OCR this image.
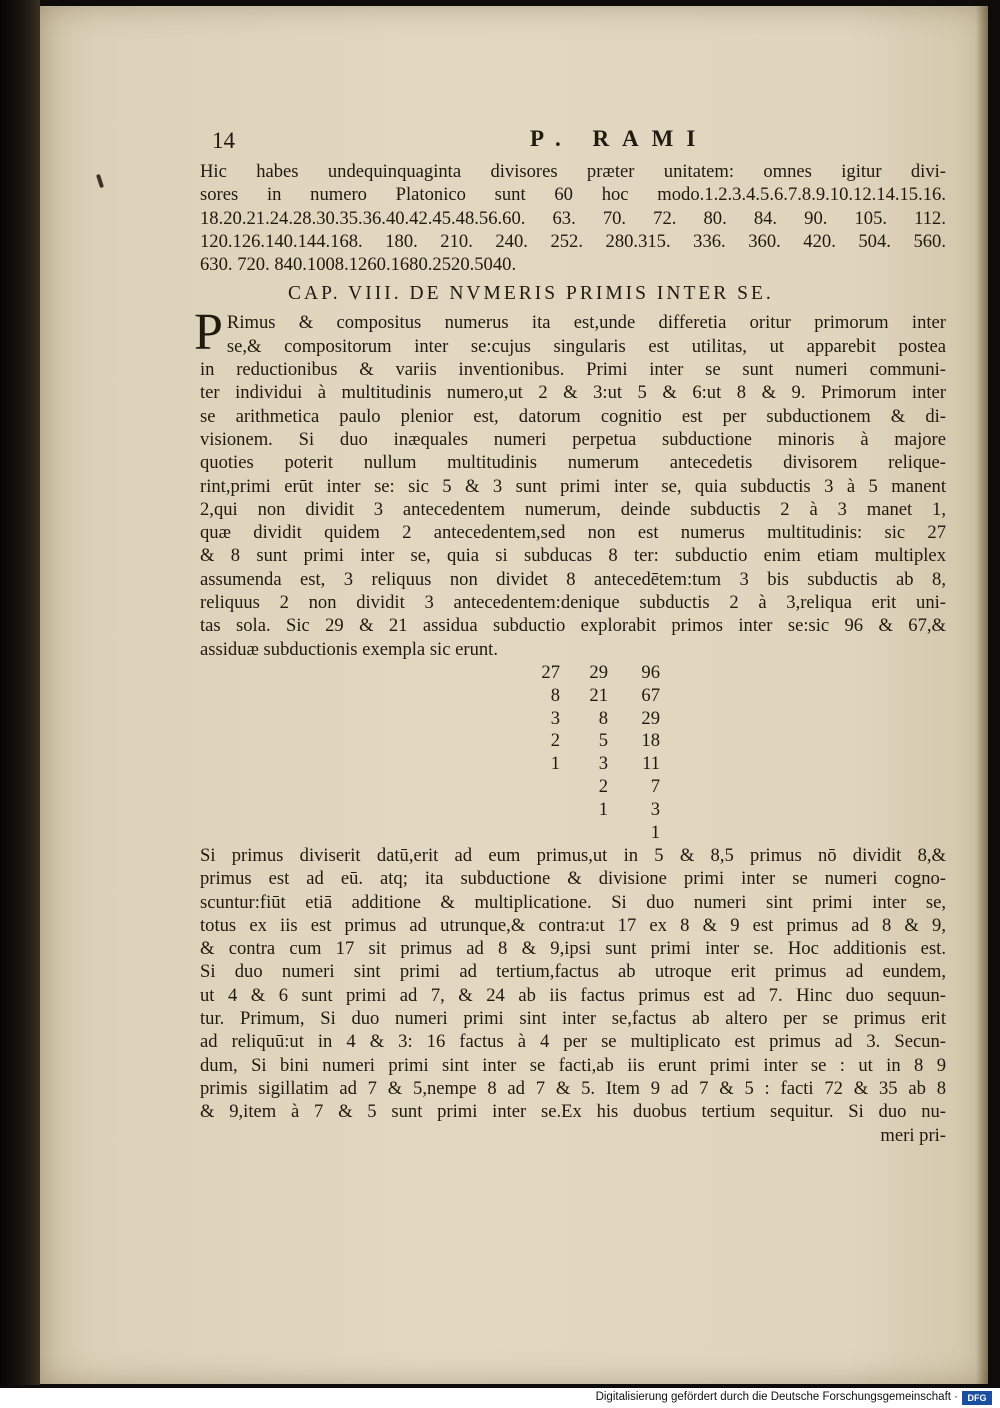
14	P. RAMI
Hic habes undequinquaginta divisores præter unitatem: omnes igitur divi-
sores in numero Platonico sunt 60 hoc modo.1.2.3.4.5.6.7.8.9.10.12.14.15.16.
18.20.21.24.28.30.35.36.40.42.45.48.56.60. 63. 70. 72. 80. 84. 90. 105. 112.
120.126.140.144.168. 180. 210. 240. 252. 280.315. 336. 360. 420. 504. 560.
630. 720. 840.1008.1260.1680.2520.5040.
CAP. VIII. DE NVMERIS PRIMIS INTER SE.
P Rimus & compositus numerus ita est,unde differetia oritur primorum inter
se,& compositorum inter se:cujus singularis est utilitas, ut apparebit postea
in reductionibus & variis inventionibus. Primi inter se sunt numeri communi-
ter individui à multitudinis numero,ut 2 & 3:ut 5 & 6:ut 8 & 9. Primorum inter
se arithmetica paulo plenior est, datorum cognitio est per subductionem & di-
visionem. Si duo inæquales numeri perpetua subductione minoris à majore
quoties poterit nullum multitudinis numerum antecedetis divisorem relique-
rint,primi erūt inter se: sic 5 & 3 sunt primi inter se, quia subductis 3 à 5 manent
2,qui non dividit 3 antecedentem numerum, deinde subductis 2 à 3 manet 1,
quæ dividit quidem 2 antecedentem,sed non est numerus multitudinis: sic 27
& 8 sunt primi inter se, quia si subducas 8 ter: subductio enim etiam multiplex
assumenda est, 3 reliquus non dividet 8 antecedētem:tum 3 bis subductis ab 8,
reliquus 2 non dividit 3 antecedentem:denique subductis 2 à 3,reliqua erit uni-
tas sola. Sic 29 & 21 assidua subductio explorabit primos inter se:sic 96 & 67,&
assiduæ subductionis exempla sic erunt.
27
8
3
2
1
29
21
8
5
3
2
1
96
67
29
18
11
7
3
1
Si primus diviserit datū,erit ad eum primus,ut in 5 & 8,5 primus nō dividit 8,&
primus est ad eū. atq; ita subductione & divisione primi inter se numeri cogno-
scuntur:fiūt etiā additione & multiplicatione. Si duo numeri sint primi inter se,
totus ex iis est primus ad utrunque,& contra:ut 17 ex 8 & 9 est primus ad 8 & 9,
& contra cum 17 sit primus ad 8 & 9,ipsi sunt primi inter se. Hoc additionis est.
Si duo numeri sint primi ad tertium,factus ab utroque erit primus ad eundem,
ut 4 & 6 sunt primi ad 7, & 24 ab iis factus primus est ad 7. Hinc duo sequun-
tur. Primum, Si duo numeri primi sint inter se,factus ab altero per se primus erit
ad reliquū:ut in 4 & 3: 16 factus à 4 per se multiplicato est primus ad 3. Secun-
dum, Si bini numeri primi sint inter se facti,ab iis erunt primi inter se : ut in 8 9
primis sigillatim ad 7 & 5,nempe 8 ad 7 & 5. Item 9 ad 7 & 5 : facti 72 & 35 ab 8
& 9,item à 7 & 5 sunt primi inter se.Ex his duobus tertium sequitur. Si duo nu-
meri pri-
Digitalisierung gefördert durch die Deutsche Forschungsgemeinschaft ·	DFG
